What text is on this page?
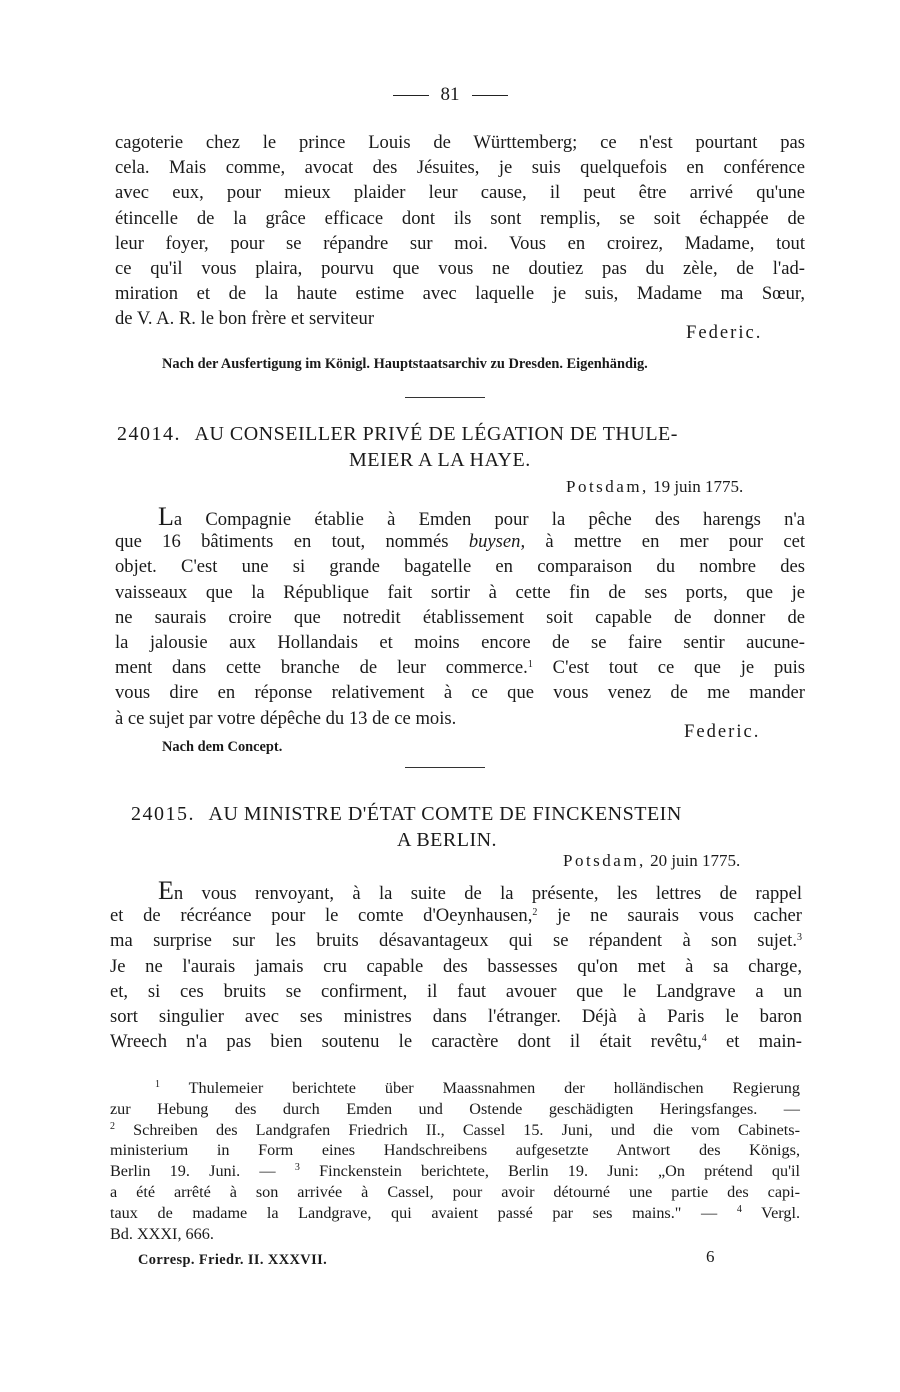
81
cagoterie chez le prince Louis de Württemberg; ce n'est pourtant pas
cela. Mais comme, avocat des Jésuites, je suis quelquefois en conférence
avec eux, pour mieux plaider leur cause, il peut être arrivé qu'une
étincelle de la grâce efficace dont ils sont remplis, se soit échappée de
leur foyer, pour se répandre sur moi. Vous en croirez, Madame, tout
ce qu'il vous plaira, pourvu que vous ne doutiez pas du zèle, de l'ad-
miration et de la haute estime avec laquelle je suis, Madame ma Sœur,
de V. A. R. le bon frère et serviteur
Federic.
Nach der Ausfertigung im Königl. Hauptstaatsarchiv zu Dresden. Eigenhändig.
24014. AU CONSEILLER PRIVÉ DE LÉGATION DE THULE-
MEIER A LA HAYE.
Potsdam, 19 juin 1775.
La Compagnie établie à Emden pour la pêche des harengs n'a
que 16 bâtiments en tout, nommés buysen, à mettre en mer pour cet
objet. C'est une si grande bagatelle en comparaison du nombre des
vaisseaux que la République fait sortir à cette fin de ses ports, que je
ne saurais croire que notredit établissement soit capable de donner de
la jalousie aux Hollandais et moins encore de se faire sentir aucune-
ment dans cette branche de leur commerce.$^1$ C'est tout ce que je puis
vous dire en réponse relativement à ce que vous venez de me mander
à ce sujet par votre dépêche du 13 de ce mois.
Federic.
Nach dem Concept.
24015. AU MINISTRE D'ÉTAT COMTE DE FINCKENSTEIN
A BERLIN.
Potsdam, 20 juin 1775.
En vous renvoyant, à la suite de la présente, les lettres de rappel
et de récréance pour le comte d'Oeynhausen,$^2$ je ne saurais vous cacher
ma surprise sur les bruits désavantageux qui se répandent à son sujet.$^3$
Je ne l'aurais jamais cru capable des bassesses qu'on met à sa charge,
et, si ces bruits se confirment, il faut avouer que le Landgrave a un
sort singulier avec ses ministres dans l'étranger. Déjà à Paris le baron
Wreech n'a pas bien soutenu le caractère dont il était revêtu,$^4$ et main-
$^1$ Thulemeier berichtete über Maassnahmen der holländischen Regierung
zur Hebung des durch Emden und Ostende geschädigten Heringsfanges. —
$^2$ Schreiben des Landgrafen Friedrich II., Cassel 15. Juni, und die vom Cabinets-
ministerium in Form eines Handschreibens aufgesetzte Antwort des Königs,
Berlin 19. Juni. — $^3$ Finckenstein berichtete, Berlin 19. Juni: „On prétend qu'il
a été arrêté à son arrivée à Cassel, pour avoir détourné une partie des capi-
taux de madame la Landgrave, qui avaient passé par ses mains." — $^4$ Vergl.
Bd. XXXI, 666.
Corresp. Friedr. II. XXXVII.	6
